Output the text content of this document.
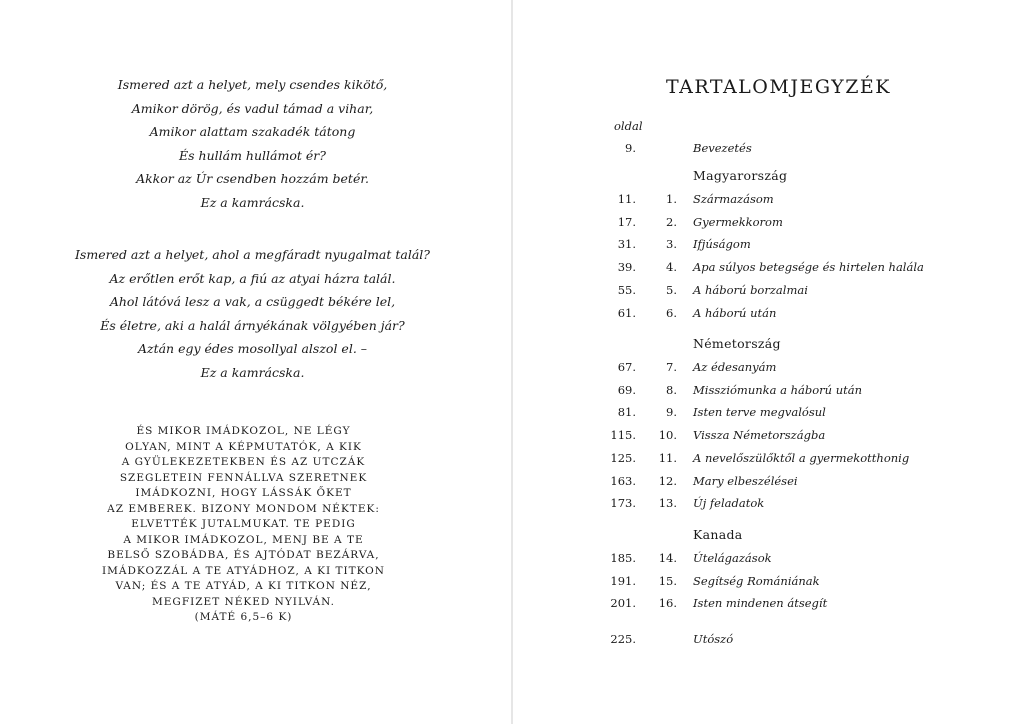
Ismered azt a helyet, mely csendes kikötő,
Amikor dörög, és vadul támad a vihar,
Amikor alattam szakadék tátong
És hullám hullámot ér?
Akkor az Úr csendben hozzám betér.
Ez a kamrácska.
Ismered azt a helyet, ahol a megfáradt nyugalmat talál?
Az erőtlen erőt kap, a fiú az atyai házra talál.
Ahol látóvá lesz a vak, a csüggedt békére lel,
És életre, aki a halál árnyékának völgyében jár?
Aztán egy édes mosollyal alszol el. –
Ez a kamrácska.
ÉS MIKOR IMÁDKOZOL, NE LÉGY
OLYAN, MINT A KÉPMUTATÓK, A KIK
A GYÜLEKEZETEKBEN ÉS AZ UTCZÁK
SZEGLETEIN FENNÁLLVA SZERETNEK
IMÁDKOZNI, HOGY LÁSSÁK ŐKET
AZ EMBEREK. BIZONY MONDOM NÉKTEK:
ELVETTÉK JUTALMUKAT. TE PEDIG
A MIKOR IMÁDKOZOL, MENJ BE A TE
BELSŐ SZOBÁDBA, ÉS AJTÓDAT BEZÁRVA,
IMÁDKOZZÁL A TE ATYÁDHOZ, A KI TITKON
VAN; ÉS A TE ATYÁD, A KI TITKON NÉZ,
MEGFIZET NÉKED NYILVÁN.
(MÁTÉ 6,5–6 K)
TARTALOMJEGYZÉK
oldal
9.	Bevezetés
Magyarország
11.	1. Származásom
17.	2. Gyermekkorom
31.	3. Ifjúságom
39.	4. Apa súlyos betegsége és hirtelen halála
55.	5. A háború borzalmai
61.	6. A háború után
Németország
67.	7. Az édesanyám
69.	8. Missziómunka a háború után
81.	9. Isten terve megvalósul
115. 10. Vissza Németországba
125. 11. A nevelőszülőktől a gyermekotthonig
163. 12. Mary elbeszélései
173. 13. Új feladatok
Kanada
185. 14. Útelágazások
191. 15. Segítség Romániának
201. 16. Isten mindenen átsegít
225.	Utószó
